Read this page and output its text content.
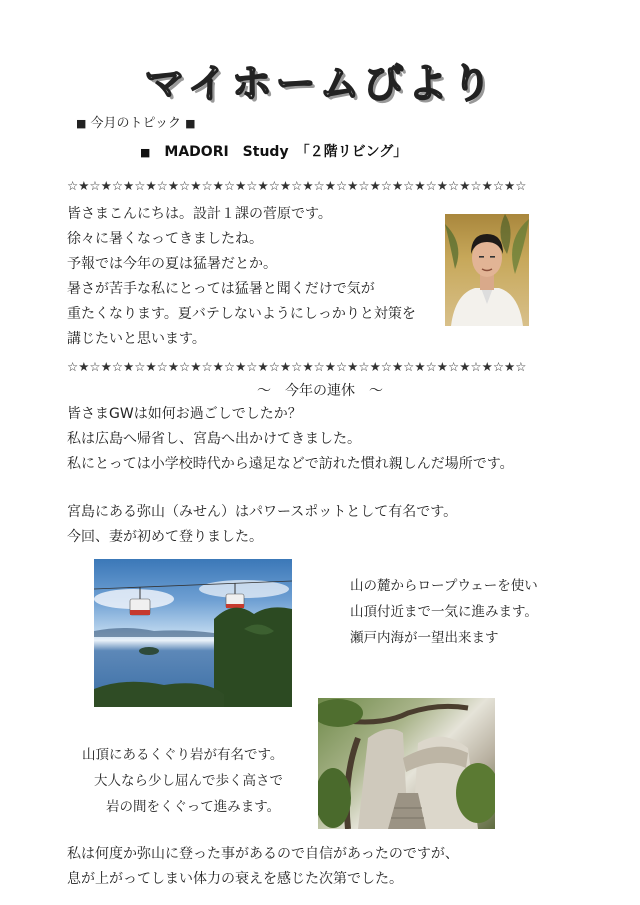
マイホームびより
■ 今月のトピック ■
■　 MADORI　Study　「２階リビング」
☆★☆★☆★☆★☆★☆★☆★☆★☆★☆★☆★☆★☆★☆★☆★☆★☆★☆★☆★☆★☆
皆さまこんにちは。設計１課の菅原です。
徐々に暑くなってきましたね。
予報では今年の夏は猛暑だとか。
暑さが苦手な私にとっては猛暑と聞くだけで気が
重たくなります。夏バテしないようにしっかりと対策を
講じたいと思います。
☆★☆★☆★☆★☆★☆★☆★☆★☆★☆★☆★☆★☆★☆★☆★☆★☆★☆★☆★☆★☆
～　今年の連休　～
皆さまGWは如何お過ごしでしたか？
私は広島へ帰省し、宮島へ出かけてきました。
私にとっては小学校時代から遠足などで訪れた慣れ親しんだ場所です。
宮島にある弥山（みせん）はパワースポットとして有名です。
今回、妻が初めて登りました。
山の麓からロープウェーを使い
山頂付近まで一気に進みます。
瀬戸内海が一望出来ます
山頂にあるくぐり岩が有名です。
大人なら少し屈んで歩く高さで
岩の間をくぐって進みます。
私は何度か弥山に登った事があるので自信があったのですが、
息が上がってしまい体力の衰えを感じた次第でした。
